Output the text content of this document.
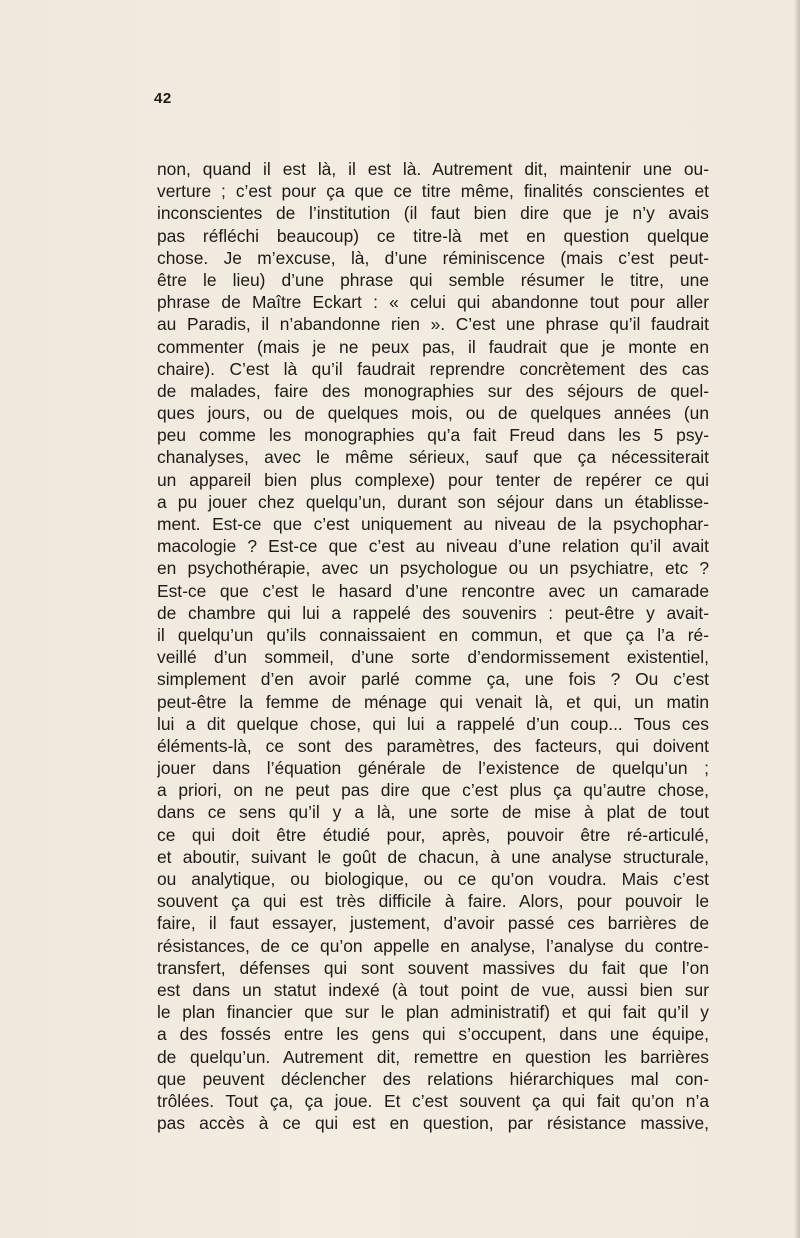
42
non, quand il est là, il est là. Autrement dit, maintenir une ou-
verture ; c’est pour ça que ce titre même, finalités conscientes et
inconscientes de l’institution (il faut bien dire que je n’y avais
pas réfléchi beaucoup) ce titre-là met en question quelque
chose. Je m’excuse, là, d’une réminiscence (mais c’est peut-
être le lieu) d’une phrase qui semble résumer le titre, une
phrase de Maître Eckart : « celui qui abandonne tout pour aller
au Paradis, il n’abandonne rien ». C’est une phrase qu’il faudrait
commenter (mais je ne peux pas, il faudrait que je monte en
chaire). C’est là qu’il faudrait reprendre concrètement des cas
de malades, faire des monographies sur des séjours de quel-
ques jours, ou de quelques mois, ou de quelques années (un
peu comme les monographies qu’a fait Freud dans les 5 psy-
chanalyses, avec le même sérieux, sauf que ça nécessiterait
un appareil bien plus complexe) pour tenter de repérer ce qui
a pu jouer chez quelqu’un, durant son séjour dans un établisse-
ment. Est-ce que c’est uniquement au niveau de la psychophar-
macologie ? Est-ce que c’est au niveau d’une relation qu’il avait
en psychothérapie, avec un psychologue ou un psychiatre, etc ?
Est-ce que c’est le hasard d’une rencontre avec un camarade
de chambre qui lui a rappelé des souvenirs : peut-être y avait-
il quelqu’un qu’ils connaissaient en commun, et que ça l’a ré-
veillé d’un sommeil, d’une sorte d’endormissement existentiel,
simplement d’en avoir parlé comme ça, une fois ? Ou c’est
peut-être la femme de ménage qui venait là, et qui, un matin
lui a dit quelque chose, qui lui a rappelé d’un coup... Tous ces
éléments-là, ce sont des paramètres, des facteurs, qui doivent
jouer dans l’équation générale de l’existence de quelqu’un ;
a priori, on ne peut pas dire que c’est plus ça qu’autre chose,
dans ce sens qu’il y a là, une sorte de mise à plat de tout
ce qui doit être étudié pour, après, pouvoir être ré-articulé,
et aboutir, suivant le goût de chacun, à une analyse structurale,
ou analytique, ou biologique, ou ce qu’on voudra. Mais c’est
souvent ça qui est très difficile à faire. Alors, pour pouvoir le
faire, il faut essayer, justement, d’avoir passé ces barrières de
résistances, de ce qu’on appelle en analyse, l’analyse du contre-
transfert, défenses qui sont souvent massives du fait que l’on
est dans un statut indexé (à tout point de vue, aussi bien sur
le plan financier que sur le plan administratif) et qui fait qu’il y
a des fossés entre les gens qui s’occupent, dans une équipe,
de quelqu’un. Autrement dit, remettre en question les barrières
que peuvent déclencher des relations hiérarchiques mal con-
trôlées. Tout ça, ça joue. Et c’est souvent ça qui fait qu’on n’a
pas accès à ce qui est en question, par résistance massive,
